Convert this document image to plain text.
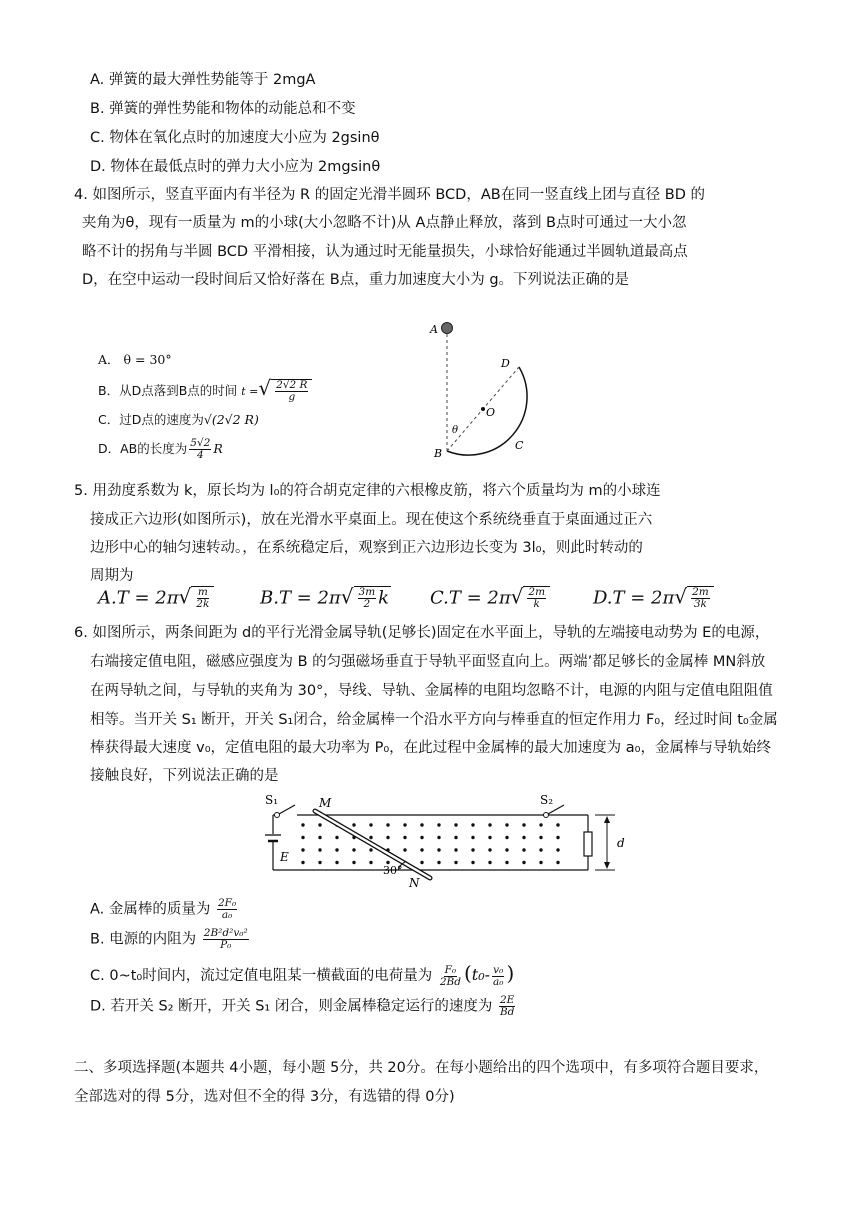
A. 弹簧的最大弹性势能等于 2mgA
B. 弹簧的弹性势能和物体的动能总和不变
C. 物体在氧化点时的加速度大小应为 2gsinθ
D. 物体在最低点时的弹力大小应为 2mgsinθ
4. 如图所示，竖直平面内有半径为 R 的固定光滑半圆环 BCD，AB在同一竖直线上团与直径 BD 的
夹角为θ，现有一质量为 m的小球(大小忽略不计)从 A点静止释放，落到 B点时可通过一大小忽
略不计的拐角与半圆 BCD 平滑相接，认为通过时无能量损失，小球恰好能通过半圆轨道最高点
D，在空中运动一段时间后又恰好落在 B点，重力加速度大小为 g。下列说法正确的是
A． θ = 30°
B．从D点落到B点的时间 t =√ $\frac{2√2 R}{g}$
C．过D点的速度为√(2√2 R)
D．AB的长度为 $\frac{5√2}{4}$ R
A
B
C
D
O
θ
5. 用劲度系数为 k，原长均为 l₀的符合胡克定律的六根橡皮筋，将六个质量均为 m的小球连
接成正六边形(如图所示)，放在光滑水平桌面上。现在使这个系统绕垂直于桌面通过正六
边形中心的轴匀速转动。，在系统稳定后，观察到正六边形边长变为 3l₀，则此时转动的
周期为
$A.T = 2\pi√ \frac{m}{2k}$	$B.T = 2\pi√ \frac{3m}{2}$ k $C.T = 2\pi√ \frac{2m}{k}$	$D.T = 2\pi√ \frac{2m}{3k}$
6. 如图所示，两条间距为 d的平行光滑金属导轨(足够长)固定在水平面上，导轨的左端接电动势为 E的电源，
右端接定值电阻，磁感应强度为 B 的匀强磁场垂直于导轨平面竖直向上。两端’都足够长的金属棒 MN斜放
在两导轨之间，与导轨的夹角为 30°，导线、导轨、金属棒的电阻均忽略不计，电源的内阻与定值电阻阻值
相等。当开关 S₁ 断开，开关 S₁闭合，给金属棒一个沿水平方向与棒垂直的恒定作用力 F₀，经过时间 t₀金属
棒获得最大速度 v₀，定值电阻的最大功率为 P₀，在此过程中金属棒的最大加速度为 a₀，金属棒与导轨始终
接触良好，下列说法正确的是
S₁	S₂
M
N
E
d
30°
A. 金属棒的质量为 $\frac{\text{2F₀}}{\text{a₀}}$
B. 电源的内阻为 $\frac{\text{2B²d²v₀²}}{\text{P₀}}$
C. 0~t₀时间内，流过定值电阻某一横截面的电荷量为 $\frac{\text{F₀}}{2Bd} (t_0- \frac{\text{v₀}}{\text{a₀}}$ )
D. 若开关 S₂ 断开，开关 S₁ 闭合，则金属棒稳定运行的速度为 $\frac{2E}{Bd}$
二、多项选择题(本题共 4小题，每小题 5分，共 20分。在每小题给出的四个选项中，有多项符合题目要求，
全部选对的得 5分，选对但不全的得 3分，有选错的得 0分)
